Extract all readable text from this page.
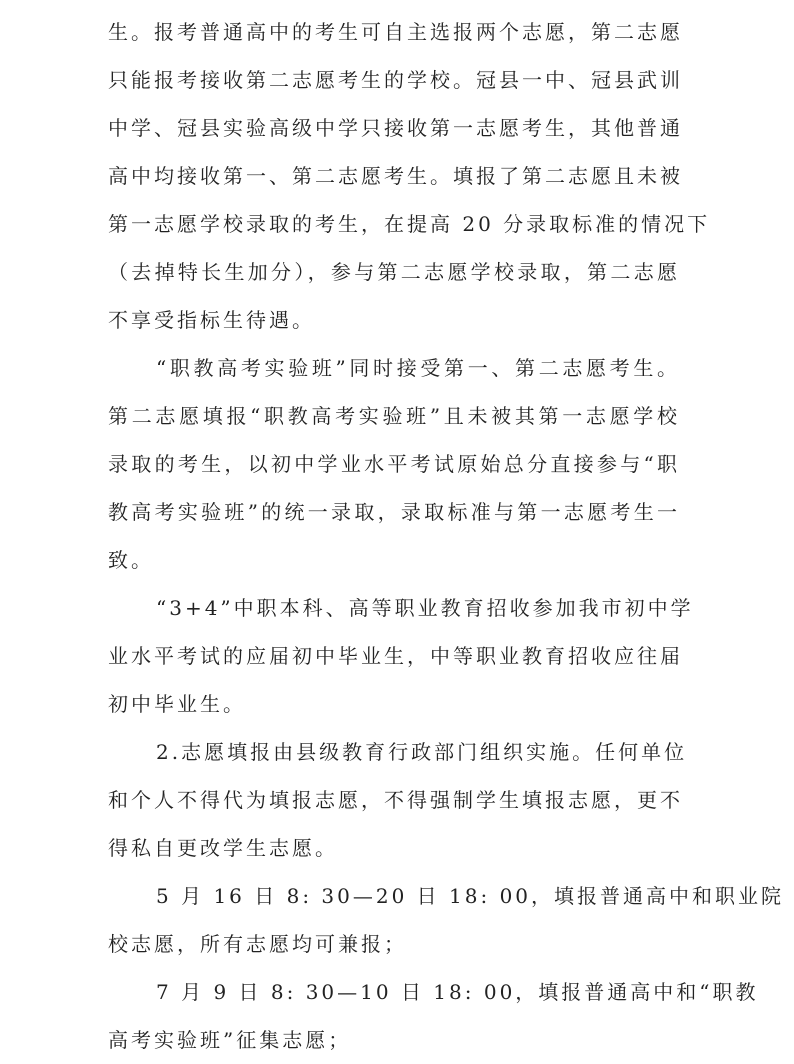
生。报考普通高中的考生可自主选报两个志愿，第二志愿
只能报考接收第二志愿考生的学校。冠县一中、冠县武训
中学、冠县实验高级中学只接收第一志愿考生，其他普通
高中均接收第一、第二志愿考生。填报了第二志愿且未被
第一志愿学校录取的考生，在提高 20 分录取标准的情况下
（去掉特长生加分），参与第二志愿学校录取，第二志愿
不享受指标生待遇。
“职教高考实验班”同时接受第一、第二志愿考生。
第二志愿填报“职教高考实验班”且未被其第一志愿学校
录取的考生，以初中学业水平考试原始总分直接参与“职
教高考实验班”的统一录取，录取标准与第一志愿考生一
致。
“3+4”中职本科、高等职业教育招收参加我市初中学
业水平考试的应届初中毕业生，中等职业教育招收应往届
初中毕业生。
2.志愿填报由县级教育行政部门组织实施。任何单位
和个人不得代为填报志愿，不得强制学生填报志愿，更不
得私自更改学生志愿。
5 月 16 日 8: 30—20 日 18: 00，填报普通高中和职业院
校志愿，所有志愿均可兼报；
7 月 9 日 8: 30—10 日 18: 00，填报普通高中和“职教
高考实验班”征集志愿；
